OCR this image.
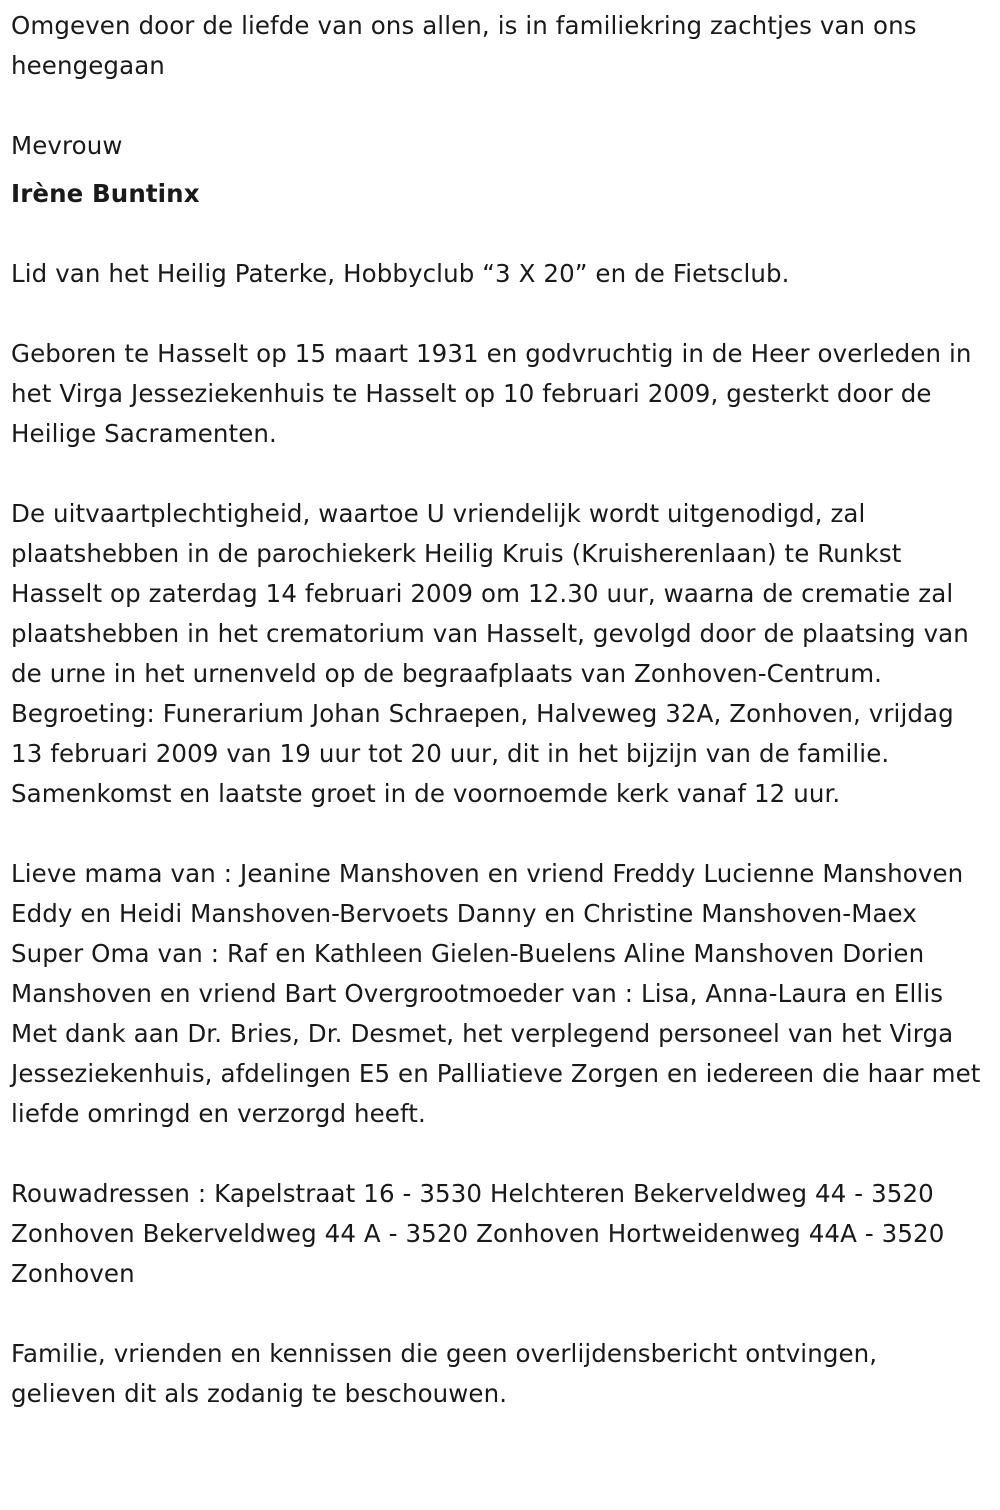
Omgeven door de liefde van ons allen, is in familiekring zachtjes van ons heengegaan

Mevrouw

Irène Buntinx

Lid van het Heilig Paterke, Hobbyclub “3 X 20” en de Fietsclub.

Geboren te Hasselt op 15 maart 1931 en godvruchtig in de Heer overleden in het Virga Jesseziekenhuis te Hasselt op 10 februari 2009, gesterkt door de Heilige Sacramenten.

De uitvaartplechtigheid, waartoe U vriendelijk wordt uitgenodigd, zal plaatshebben in de parochiekerk Heilig Kruis (Kruisherenlaan) te Runkst Hasselt op zaterdag 14 februari 2009 om 12.30 uur, waarna de crematie zal plaatshebben in het crematorium van Hasselt, gevolgd door de plaatsing van de urne in het urnenveld op de begraafplaats van Zonhoven-Centrum. Begroeting: Funerarium Johan Schraepen, Halveweg 32A, Zonhoven, vrijdag 13 februari 2009 van 19 uur tot 20 uur, dit in het bijzijn van de familie. Samenkomst en laatste groet in de voornoemde kerk vanaf 12 uur.

Lieve mama van : Jeanine Manshoven en vriend Freddy Lucienne Manshoven Eddy en Heidi Manshoven-Bervoets Danny en Christine Manshoven-Maex Super Oma van : Raf en Kathleen Gielen-Buelens Aline Manshoven Dorien Manshoven en vriend Bart Overgrootmoeder van : Lisa, Anna-Laura en Ellis Met dank aan Dr. Bries, Dr. Desmet, het verplegend personeel van het Virga Jesseziekenhuis, afdelingen E5 en Palliatieve Zorgen en iedereen die haar met liefde omringd en verzorgd heeft.

Rouwadressen : Kapelstraat 16 - 3530 Helchteren Bekerveldweg 44 - 3520 Zonhoven Bekerveldweg 44 A - 3520 Zonhoven Hortweidenweg 44A - 3520 Zonhoven

Familie, vrienden en kennissen die geen overlijdensbericht ontvingen, gelieven dit als zodanig te beschouwen.
